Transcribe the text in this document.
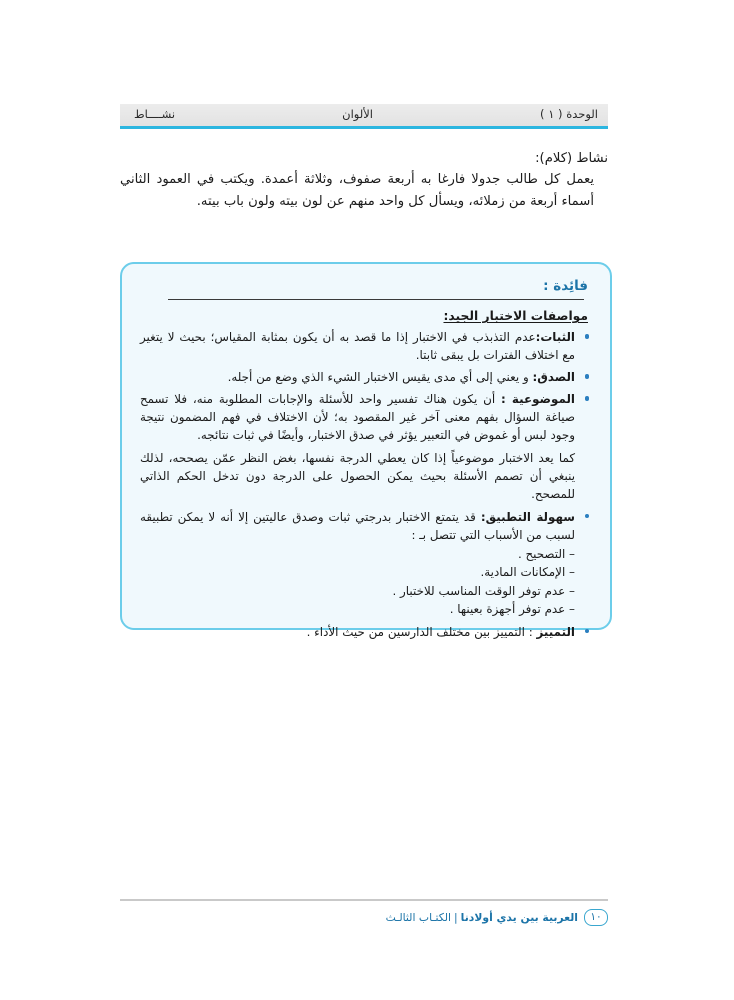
الوحدة ( ١ )
الألوان
نشــــاط
نشاط (كلام):
يعمل كل طالب جدولا فارغا به أربعة صفوف، وثلاثة أعمدة. ويكتب في العمود الثاني أسماء أربعة من زملائه، ويسأل كل واحد منهم عن لون بيته ولون باب بيته.
فائِدة :
مواصفات الاختبار الجيد:
الثبات:عدم التذبذب في الاختبار إذا ما قصد به أن يكون بمثابة المقياس؛ بحيث لا يتغير مع اختلاف الفترات بل يبقى ثابتا.
الصدق: و يعني إلى أي مدى يقيس الاختبار الشيء الذي وضع من أجله.
الموضوعية : أن يكون هناك تفسير واحد للأسئلة والإجابات المطلوبة منه، فلا تسمح صياغة السؤال بفهم معنى آخر غير المقصود به؛ لأن الاختلاف في فهم المضمون نتيجة وجود لبس أو غموض في التعبير يؤثر في صدق الاختبار، وأيضًا في ثبات نتائجه.

كما يعد الاختبار موضوعياً إذا كان يعطي الدرجة نفسها، بغض النظر عمّن يصححه، لذلك ينبغي أن تصمم الأسئلة بحيث يمكن الحصول على الدرجة دون تدخل الحكم الذاتي للمصحح.

سهولة التطبيق: قد يتمتع الاختبار بدرجتي ثبات وصدق عاليتين إلا أنه لا يمكن تطبيقه لسبب من الأسباب التي تتصل بـ :
– التصحيح .
– الإمكانات المادية.
– عدم توفر الوقت المناسب للاختبار .
– عدم توفر أجهزة بعينها .
التمييز : التمييز بين مختلف الدارسين من حيث الأداء .
١٠
العربية بين يدي أولادنا|الكتـاب الثالـث
